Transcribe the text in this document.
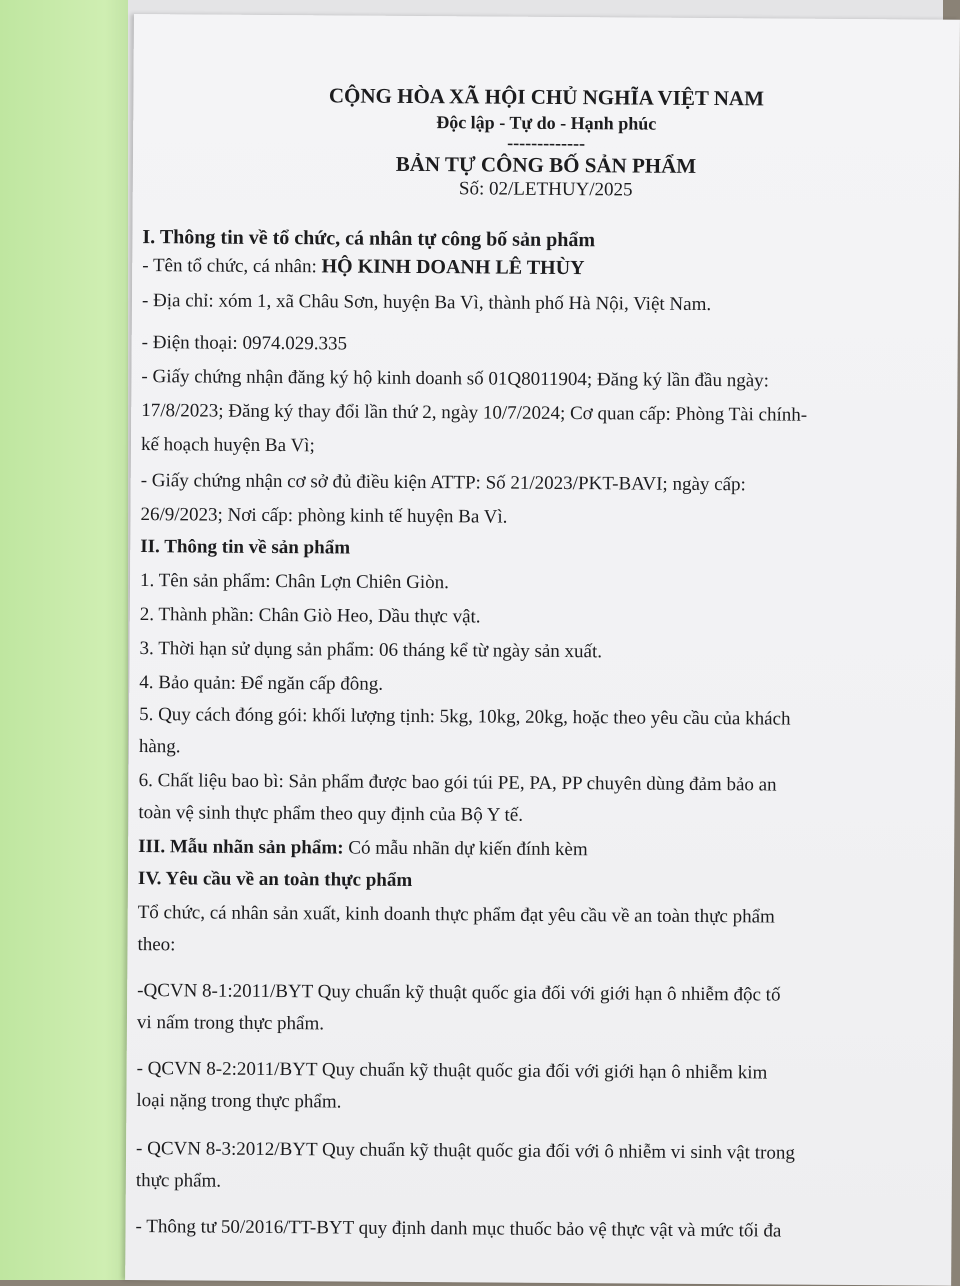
CỘNG HÒA XÃ HỘI CHỦ NGHĨA VIỆT NAM
Độc lập - Tự do - Hạnh phúc
-------------
BẢN TỰ CÔNG BỐ SẢN PHẨM
Số: 02/LETHUY/2025
I. Thông tin về tổ chức, cá nhân tự công bố sản phẩm
- Tên tổ chức, cá nhân: HỘ KINH DOANH LÊ THÙY
- Địa chỉ: xóm 1, xã Châu Sơn, huyện Ba Vì, thành phố Hà Nội, Việt Nam.
- Điện thoại: 0974.029.335
- Giấy chứng nhận đăng ký hộ kinh doanh số 01Q8011904; Đăng ký lần đầu ngày:
17/8/2023; Đăng ký thay đổi lần thứ 2, ngày 10/7/2024; Cơ quan cấp: Phòng Tài chính-
kế hoạch huyện Ba Vì;
- Giấy chứng nhận cơ sở đủ điều kiện ATTP: Số 21/2023/PKT-BAVI; ngày cấp:
26/9/2023; Nơi cấp: phòng kinh tế huyện Ba Vì.
II. Thông tin về sản phẩm
1. Tên sản phẩm: Chân Lợn Chiên Giòn.
2. Thành phần: Chân Giò Heo, Dầu thực vật.
3. Thời hạn sử dụng sản phẩm: 06 tháng kể từ ngày sản xuất.
4. Bảo quản: Để ngăn cấp đông.
5. Quy cách đóng gói: khối lượng tịnh: 5kg, 10kg, 20kg, hoặc theo yêu cầu của khách
hàng.
6. Chất liệu bao bì: Sản phẩm được bao gói túi PE, PA, PP chuyên dùng đảm bảo an
toàn vệ sinh thực phẩm theo quy định của Bộ Y tế.
III. Mẫu nhãn sản phẩm: Có mẫu nhãn dự kiến đính kèm
IV. Yêu cầu về an toàn thực phẩm
Tổ chức, cá nhân sản xuất, kinh doanh thực phẩm đạt yêu cầu về an toàn thực phẩm
theo:
-QCVN 8-1:2011/BYT Quy chuẩn kỹ thuật quốc gia đối với giới hạn ô nhiễm độc tố
vi nấm trong thực phẩm.
- QCVN 8-2:2011/BYT Quy chuẩn kỹ thuật quốc gia đối với giới hạn ô nhiễm kim
loại nặng trong thực phẩm.
- QCVN 8-3:2012/BYT Quy chuẩn kỹ thuật quốc gia đối với ô nhiễm vi sinh vật trong
thực phẩm.
- Thông tư 50/2016/TT-BYT quy định danh mục thuốc bảo vệ thực vật và mức tối đa
